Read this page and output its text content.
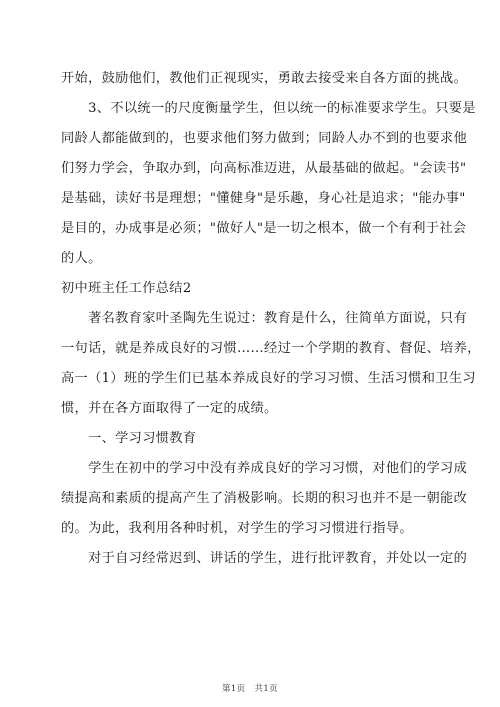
开始，鼓励他们，教他们正视现实，勇敢去接受来自各方面的挑战。
　　3、不以统一的尺度衡量学生，但以统一的标准要求学生。只要是
同龄人都能做到的，也要求他们努力做到；同龄人办不到的也要求他
们努力学会，争取办到，向高标准迈进，从最基础的做起。"会读书"
是基础，读好书是理想；"懂健身"是乐趣，身心社是追求；"能办事"
是目的，办成事是必须；"做好人"是一切之根本，做一个有利于社会
的人。
初中班主任工作总结2
　　著名教育家叶圣陶先生说过：教育是什么，往简单方面说，只有
一句话，就是养成良好的习惯……经过一个学期的教育、督促、培养，
高一（1）班的学生们已基本养成良好的学习习惯、生活习惯和卫生习
惯，并在各方面取得了一定的成绩。
　　一、学习习惯教育
　　学生在初中的学习中没有养成良好的学习习惯，对他们的学习成
绩提高和素质的提高产生了消极影响。长期的积习也并不是一朝能改
的。为此，我利用各种时机，对学生的学习习惯进行指导。
　　对于自习经常迟到、讲话的学生，进行批评教育，并处以一定的
第1页　共1页
